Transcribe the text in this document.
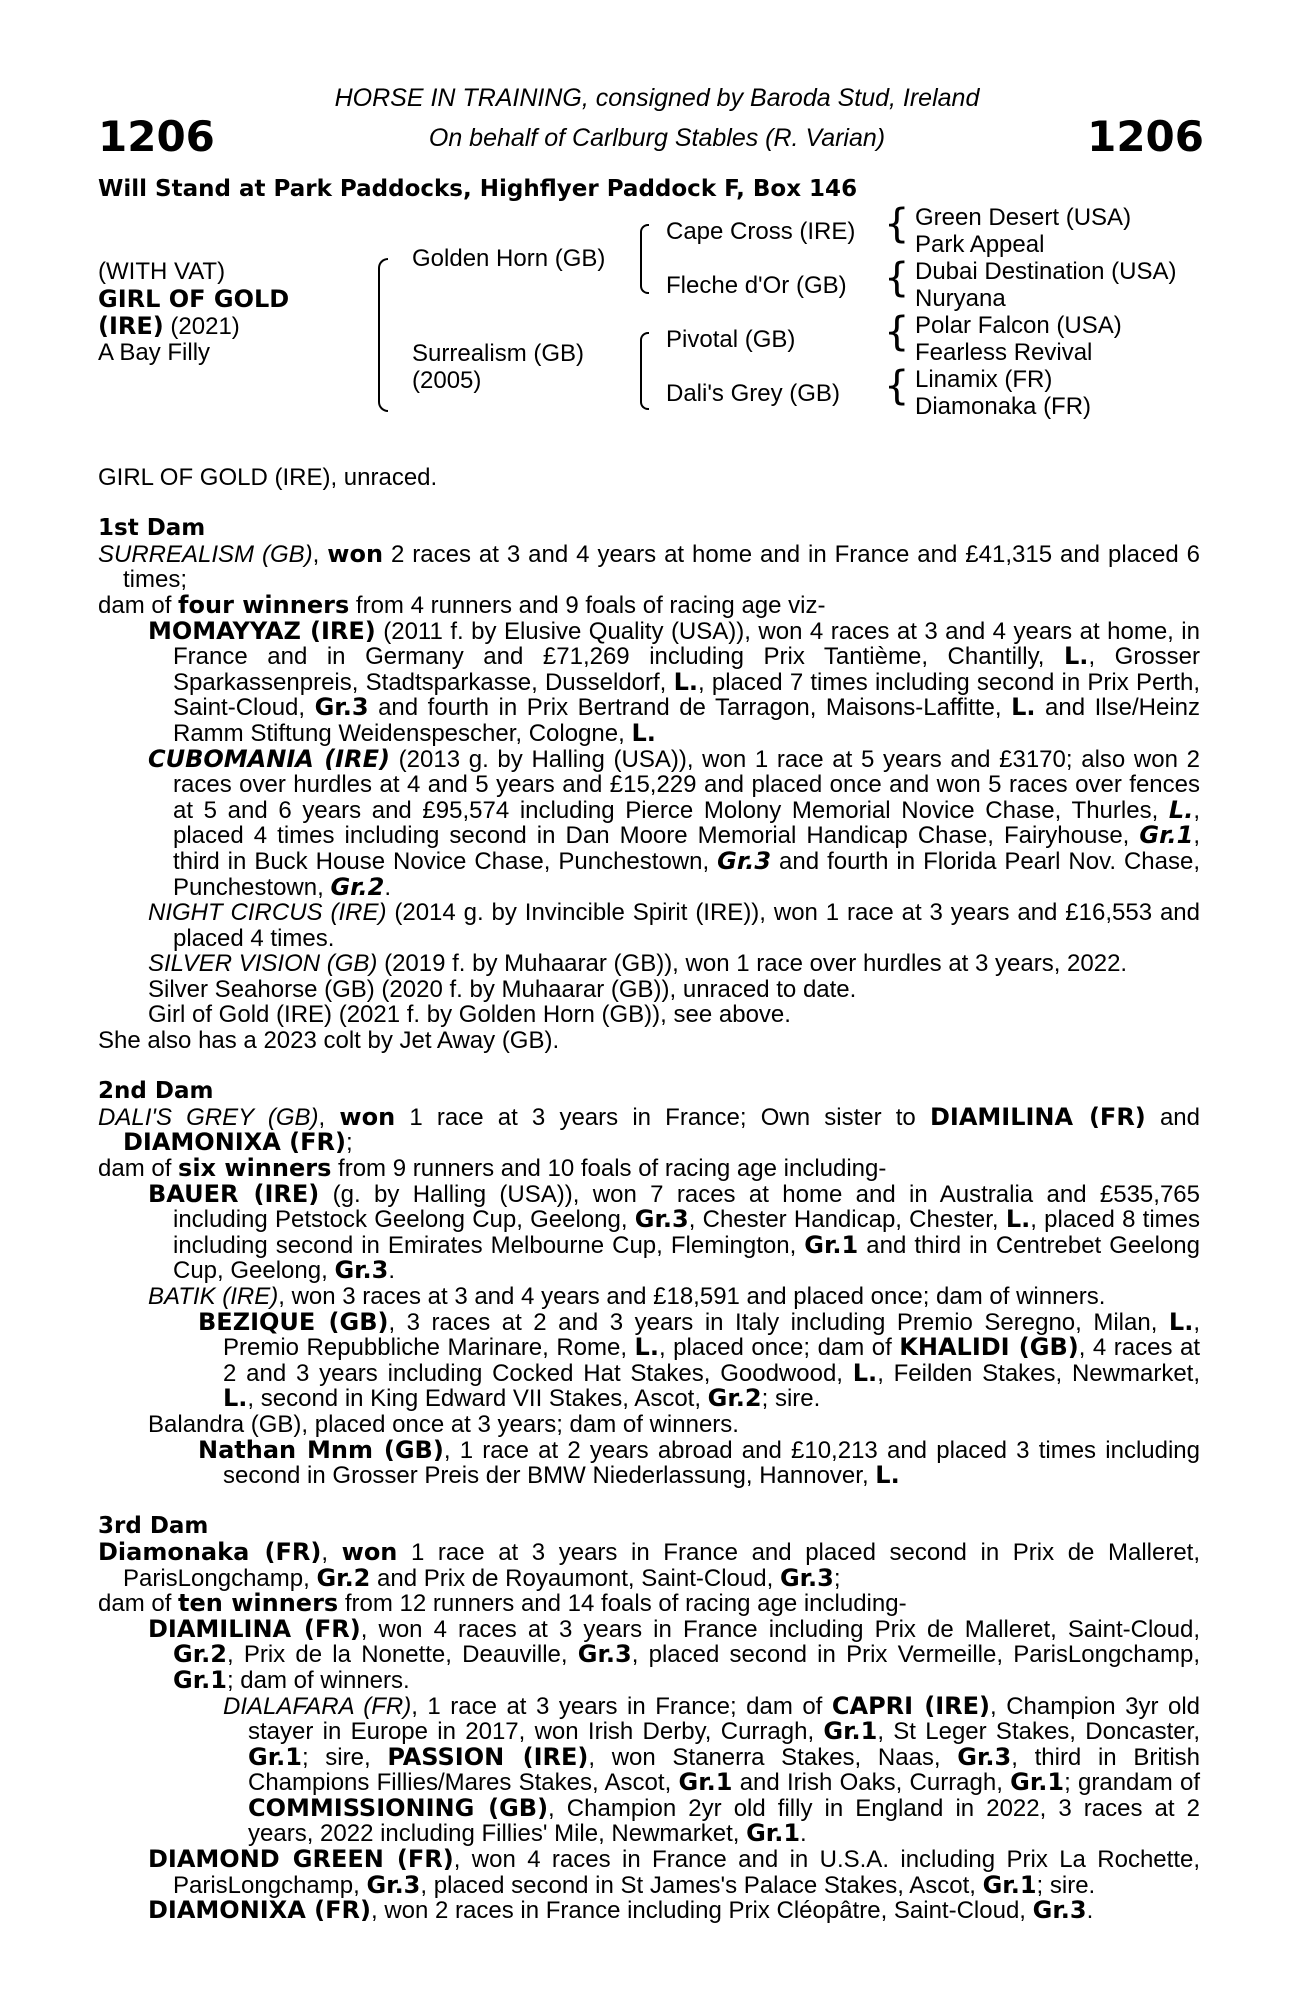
1206	1206
HORSE IN TRAINING, consigned by Baroda Stud, Ireland
On behalf of Carlburg Stables (R. Varian)
Will Stand at Park Paddocks, Highflyer Paddock F, Box 146
(WITH VAT)
GIRL OF GOLD
(IRE) (2021)
A Bay Filly
{
{
{
{
Golden Horn (GB)
Surrealism (GB)
(2005)
Cape Cross (IRE)
Fleche d'Or (GB)
Pivotal (GB)
Dali's Grey (GB)
Green Desert (USA)
Park Appeal
Dubai Destination (USA)
Nuryana
Polar Falcon (USA)
Fearless Revival
Linamix (FR)
Diamonaka (FR)

GIRL OF GOLD (IRE), unraced.

1st Dam

SURREALISM (GB), won 2 races at 3 and 4 years at home and in France and £41,315 and placed 6 times;

dam of four winners from 4 runners and 9 foals of racing age viz-

MOMAYYAZ (IRE) (2011 f. by Elusive Quality (USA)), won 4 races at 3 and 4 years at home, in France and in Germany and £71,269 including Prix Tantième, Chantilly, L., Grosser Sparkassenpreis, Stadtsparkasse, Dusseldorf, L., placed 7 times including second in Prix Perth, Saint-Cloud, Gr.3 and fourth in Prix Bertrand de Tarragon, Maisons-Laffitte, L. and Ilse/Heinz Ramm Stiftung Weidenspescher, Cologne, L.

CUBOMANIA (IRE) (2013 g. by Halling (USA)), won 1 race at 5 years and £3170; also won 2 races over hurdles at 4 and 5 years and £15,229 and placed once and won 5 races over fences at 5 and 6 years and £95,574 including Pierce Molony Memorial Novice Chase, Thurles, L., placed 4 times including second in Dan Moore Memorial Handicap Chase, Fairyhouse, Gr.1, third in Buck House Novice Chase, Punchestown, Gr.3 and fourth in Florida Pearl Nov. Chase, Punchestown, Gr.2.

NIGHT CIRCUS (IRE) (2014 g. by Invincible Spirit (IRE)), won 1 race at 3 years and £16,553 and placed 4 times.

SILVER VISION (GB) (2019 f. by Muhaarar (GB)), won 1 race over hurdles at 3 years, 2022.

Silver Seahorse (GB) (2020 f. by Muhaarar (GB)), unraced to date.

Girl of Gold (IRE) (2021 f. by Golden Horn (GB)), see above.

She also has a 2023 colt by Jet Away (GB).

2nd Dam

DALI'S GREY (GB), won 1 race at 3 years in France; Own sister to DIAMILINA (FR) and DIAMONIXA (FR);

dam of six winners from 9 runners and 10 foals of racing age including-

BAUER (IRE) (g. by Halling (USA)), won 7 races at home and in Australia and £535,765 including Petstock Geelong Cup, Geelong, Gr.3, Chester Handicap, Chester, L., placed 8 times including second in Emirates Melbourne Cup, Flemington, Gr.1 and third in Centrebet Geelong Cup, Geelong, Gr.3.

BATIK (IRE), won 3 races at 3 and 4 years and £18,591 and placed once; dam of winners.

BEZIQUE (GB), 3 races at 2 and 3 years in Italy including Premio Seregno, Milan, L., Premio Repubbliche Marinare, Rome, L., placed once; dam of KHALIDI (GB), 4 races at 2 and 3 years including Cocked Hat Stakes, Goodwood, L., Feilden Stakes, Newmarket, L., second in King Edward VII Stakes, Ascot, Gr.2; sire.

Balandra (GB), placed once at 3 years; dam of winners.

Nathan Mnm (GB), 1 race at 2 years abroad and £10,213 and placed 3 times including second in Grosser Preis der BMW Niederlassung, Hannover, L.

3rd Dam

Diamonaka (FR), won 1 race at 3 years in France and placed second in Prix de Malleret, ParisLongchamp, Gr.2 and Prix de Royaumont, Saint-Cloud, Gr.3;

dam of ten winners from 12 runners and 14 foals of racing age including-

DIAMILINA (FR), won 4 races at 3 years in France including Prix de Malleret, Saint-Cloud, Gr.2, Prix de la Nonette, Deauville, Gr.3, placed second in Prix Vermeille, ParisLongchamp, Gr.1; dam of winners.

DIALAFARA (FR), 1 race at 3 years in France; dam of CAPRI (IRE), Champion 3yr old stayer in Europe in 2017, won Irish Derby, Curragh, Gr.1, St Leger Stakes, Doncaster, Gr.1; sire, PASSION (IRE), won Stanerra Stakes, Naas, Gr.3, third in British Champions Fillies/Mares Stakes, Ascot, Gr.1 and Irish Oaks, Curragh, Gr.1; grandam of COMMISSIONING (GB), Champion 2yr old filly in England in 2022, 3 races at 2 years, 2022 including Fillies' Mile, Newmarket, Gr.1.

DIAMOND GREEN (FR), won 4 races in France and in U.S.A. including Prix La Rochette, ParisLongchamp, Gr.3, placed second in St James's Palace Stakes, Ascot, Gr.1; sire.

DIAMONIXA (FR), won 2 races in France including Prix Cléopâtre, Saint-Cloud, Gr.3.
